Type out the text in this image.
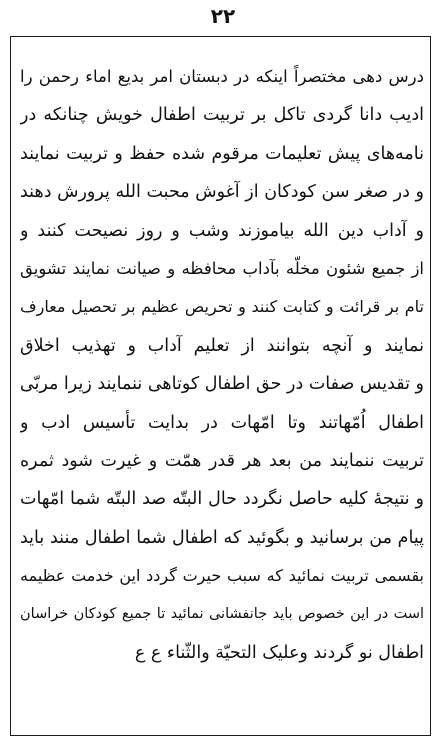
۲۲
درس دهی مختصراً اینکه در دبستان امر بدیع اماء رحمن را
ادیب دانا گردی تاکل بر تربیت اطفال خویش چنانکه در
نامه‌های پیش تعلیمات مرقوم شده حفظ و تربیت نمایند
و در صغر سن کودکان از آغوش محبت الله پرورش دهند
و آداب دین الله بیاموزند وشب و روز نصیحت کنند و
از جمیع شئون مخلّه بآداب محافظه و صیانت نمایند تشویق
تام بر قرائت و کتابت کنند و تحریص عظیم بر تحصیل معارف
نمایند و آنچه بتوانند از تعلیم آداب و تهذیب اخلاق
و تقدیس صفات در حق اطفال کوتاهی ننمایند زیرا مربّی
اطفال اُمّهاتند وتا امّهات در بدایت تأسیس ادب و
تربیت ننمایند من بعد هر قدر همّت و غیرت شود ثمره
و نتیجهٔ کلیه حاصل نگردد حال البتّه صد البتّه شما امّهات
پیام من برسانید و بگوئید که اطفال شما اطفال منند باید
بقسمی تربیت نمائید که سبب حیرت گردد این خدمت عظیمه
است در این خصوص باید جانفشانی نمائید تا جمیع کودکان خراسان
اطفال نو گردند وعلیک التحیّة والثّناء ع ع
